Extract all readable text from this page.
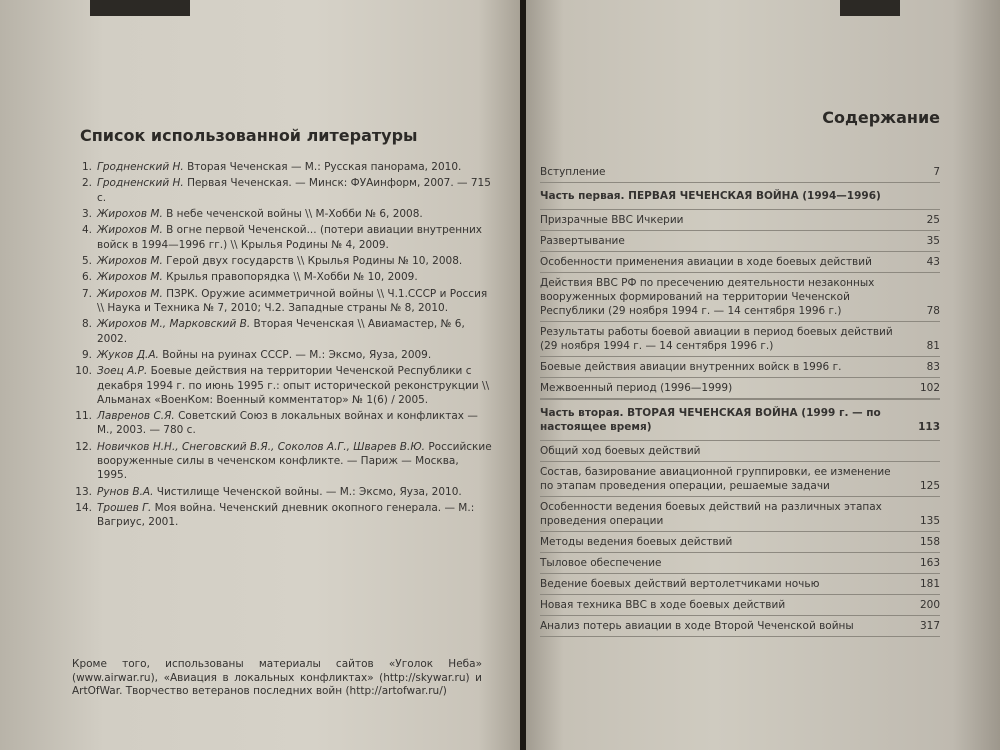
Список использованной литературы
1. Гродненский Н. Вторая Чеченская — М.: Русская панорама, 2010.
2. Гродненский Н. Первая Чеченская. — Минск: ФУАинформ, 2007. — 715 с.
3. Жирохов М. В небе чеченской войны \\ М-Хобби № 6, 2008.
4. Жирохов М. В огне первой Чеченской... (потери авиации внутренних войск в 1994—1996 гг.) \\ Крылья Родины № 4, 2009.
5. Жирохов М. Герой двух государств \\ Крылья Родины № 10, 2008.
6. Жирохов М. Крылья правопорядка \\ М-Хобби № 10, 2009.
7. Жирохов М. ПЗРК. Оружие асимметричной войны \\ Ч.1.СССР и Россия \\ Наука и Техника № 7, 2010; Ч.2. Западные страны № 8, 2010.
8. Жирохов М., Марковский В. Вторая Чеченская \\ Авиамастер, № 6, 2002.
9. Жуков Д.А. Войны на руинах СССР. — М.: Эксмо, Яуза, 2009.
10. Зоец А.Р. Боевые действия на территории Чеченской Республики с декабря 1994 г. по июнь 1995 г.: опыт исторической реконструкции \\ Альманах «ВоенКом: Военный комментатор» № 1(6) / 2005.
11. Лавренов С.Я. Советский Союз в локальных войнах и конфликтах — М., 2003. — 780 с.
12. Новичков Н.Н., Снеговский В.Я., Соколов А.Г., Шварев В.Ю. Российские вооруженные силы в чеченском конфликте. — Париж — Москва, 1995.
13. Рунов В.А. Чистилище Чеченской войны. — М.: Эксмо, Яуза, 2010.
14. Трошев Г. Моя война. Чеченский дневник окопного генерала. — М.: Вагриус, 2001.
Кроме того, использованы материалы сайтов «Уголок Неба» (www.airwar.ru), «Авиация в локальных конфликтах» (http://skywar.ru) и ArtOfWar. Творчество ветеранов последних войн (http://artofwar.ru/)
Содержание
Вступление	7
Часть первая. ПЕРВАЯ ЧЕЧЕНСКАЯ ВОЙНА (1994—1996)
Призрачные ВВС Ичкерии	25
Развертывание	35
Особенности применения авиации в ходе боевых действий	43
Действия ВВС РФ по пресечению деятельности незаконных вооруженных формирований на территории Чеченской Республики (29 ноября 1994 г. — 14 сентября 1996 г.)	78
Результаты работы боевой авиации в период боевых действий (29 ноября 1994 г. — 14 сентября 1996 г.)	81
Боевые действия авиации внутренних войск в 1996 г.	83
Межвоенный период (1996—1999)	102
Часть вторая. ВТОРАЯ ЧЕЧЕНСКАЯ ВОЙНА (1999 г. — по настоящее время)	113
Общий ход боевых действий
Состав, базирование авиационной группировки, ее изменение по этапам проведения операции, решаемые задачи	125
Особенности ведения боевых действий на различных этапах проведения операции	135
Методы ведения боевых действий	158
Тыловое обеспечение	163
Ведение боевых действий вертолетчиками ночью	181
Новая техника ВВС в ходе боевых действий	200
Анализ потерь авиации в ходе Второй Чеченской войны	317
